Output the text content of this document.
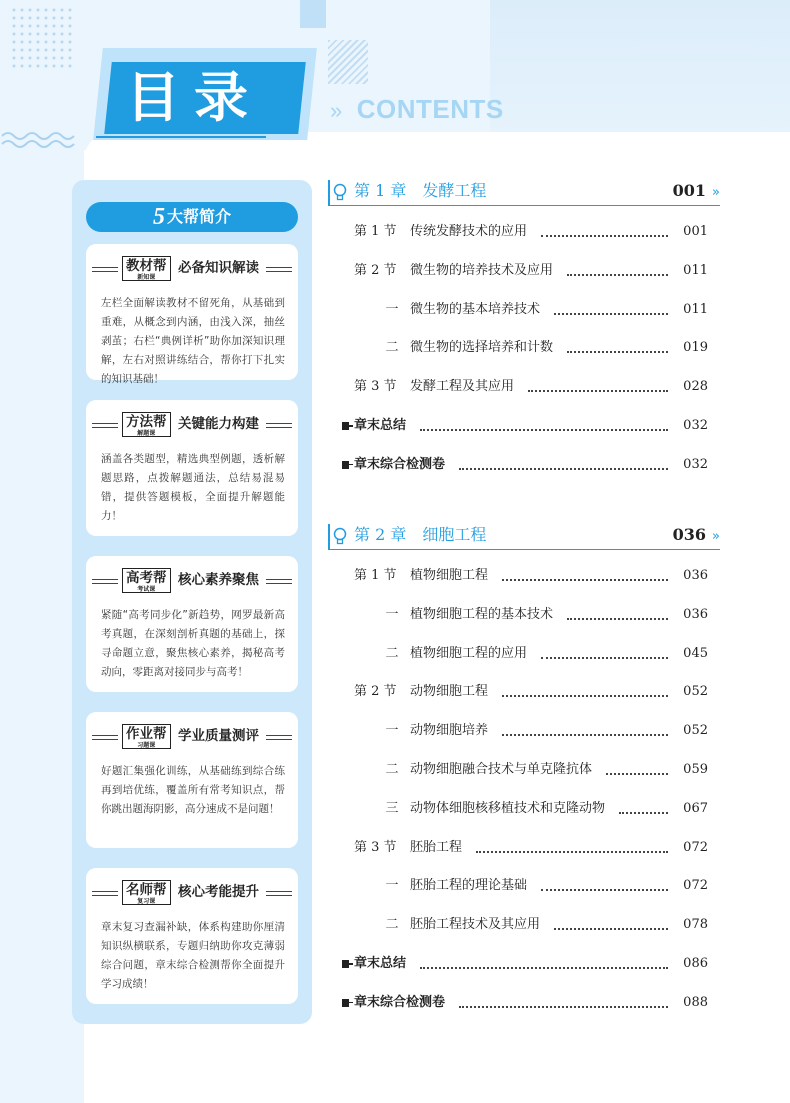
目录	» CONTENTS
5 大帮简介
教材帮
新知课
必备知识解读
左栏全面解读教材不留死角，从基础到重难，从概念到内涵，由浅入深，抽丝剥茧；右栏“典例详析”助你加深知识理解，左右对照讲练结合，帮你打下扎实的知识基础！
方法帮
解题课
关键能力构建
涵盖各类题型，精选典型例题，透析解题思路，点拨解题通法，总结易混易错，提供答题模板，全面提升解题能力！
高考帮
考试课
核心素养聚焦
紧随“高考同步化”新趋势，网罗最新高考真题，在深刻剖析真题的基础上，探寻命题立意，聚焦核心素养，揭秘高考动向，零距离对接同步与高考！
作业帮
习题课
学业质量测评
好题汇集强化训练，从基础练到综合练再到培优练，覆盖所有常考知识点，帮你跳出题海阴影，高分速成不是问题！
名师帮
复习课
核心考能提升
章末复习查漏补缺，体系构建助你厘清知识纵横联系，专题归纳助你攻克薄弱综合问题，章末综合检测帮你全面提升学习成绩！
第 1 章 发酵工程	001 »
第 1 节 传统发酵技术的应用	001
第 2 节 微生物的培养技术及应用	011
一 微生物的基本培养技术	011
二 微生物的选择培养和计数	019
第 3 节 发酵工程及其应用	028
章末总结	032
章末综合检测卷	032
第 2 章 细胞工程	036 »
第 1 节 植物细胞工程	036
一 植物细胞工程的基本技术	036
二 植物细胞工程的应用	045
第 2 节 动物细胞工程	052
一 动物细胞培养	052
二 动物细胞融合技术与单克隆抗体	059
三 动物体细胞核移植技术和克隆动物	067
第 3 节 胚胎工程	072
一 胚胎工程的理论基础	072
二 胚胎工程技术及其应用	078
章末总结	086
章末综合检测卷	088
